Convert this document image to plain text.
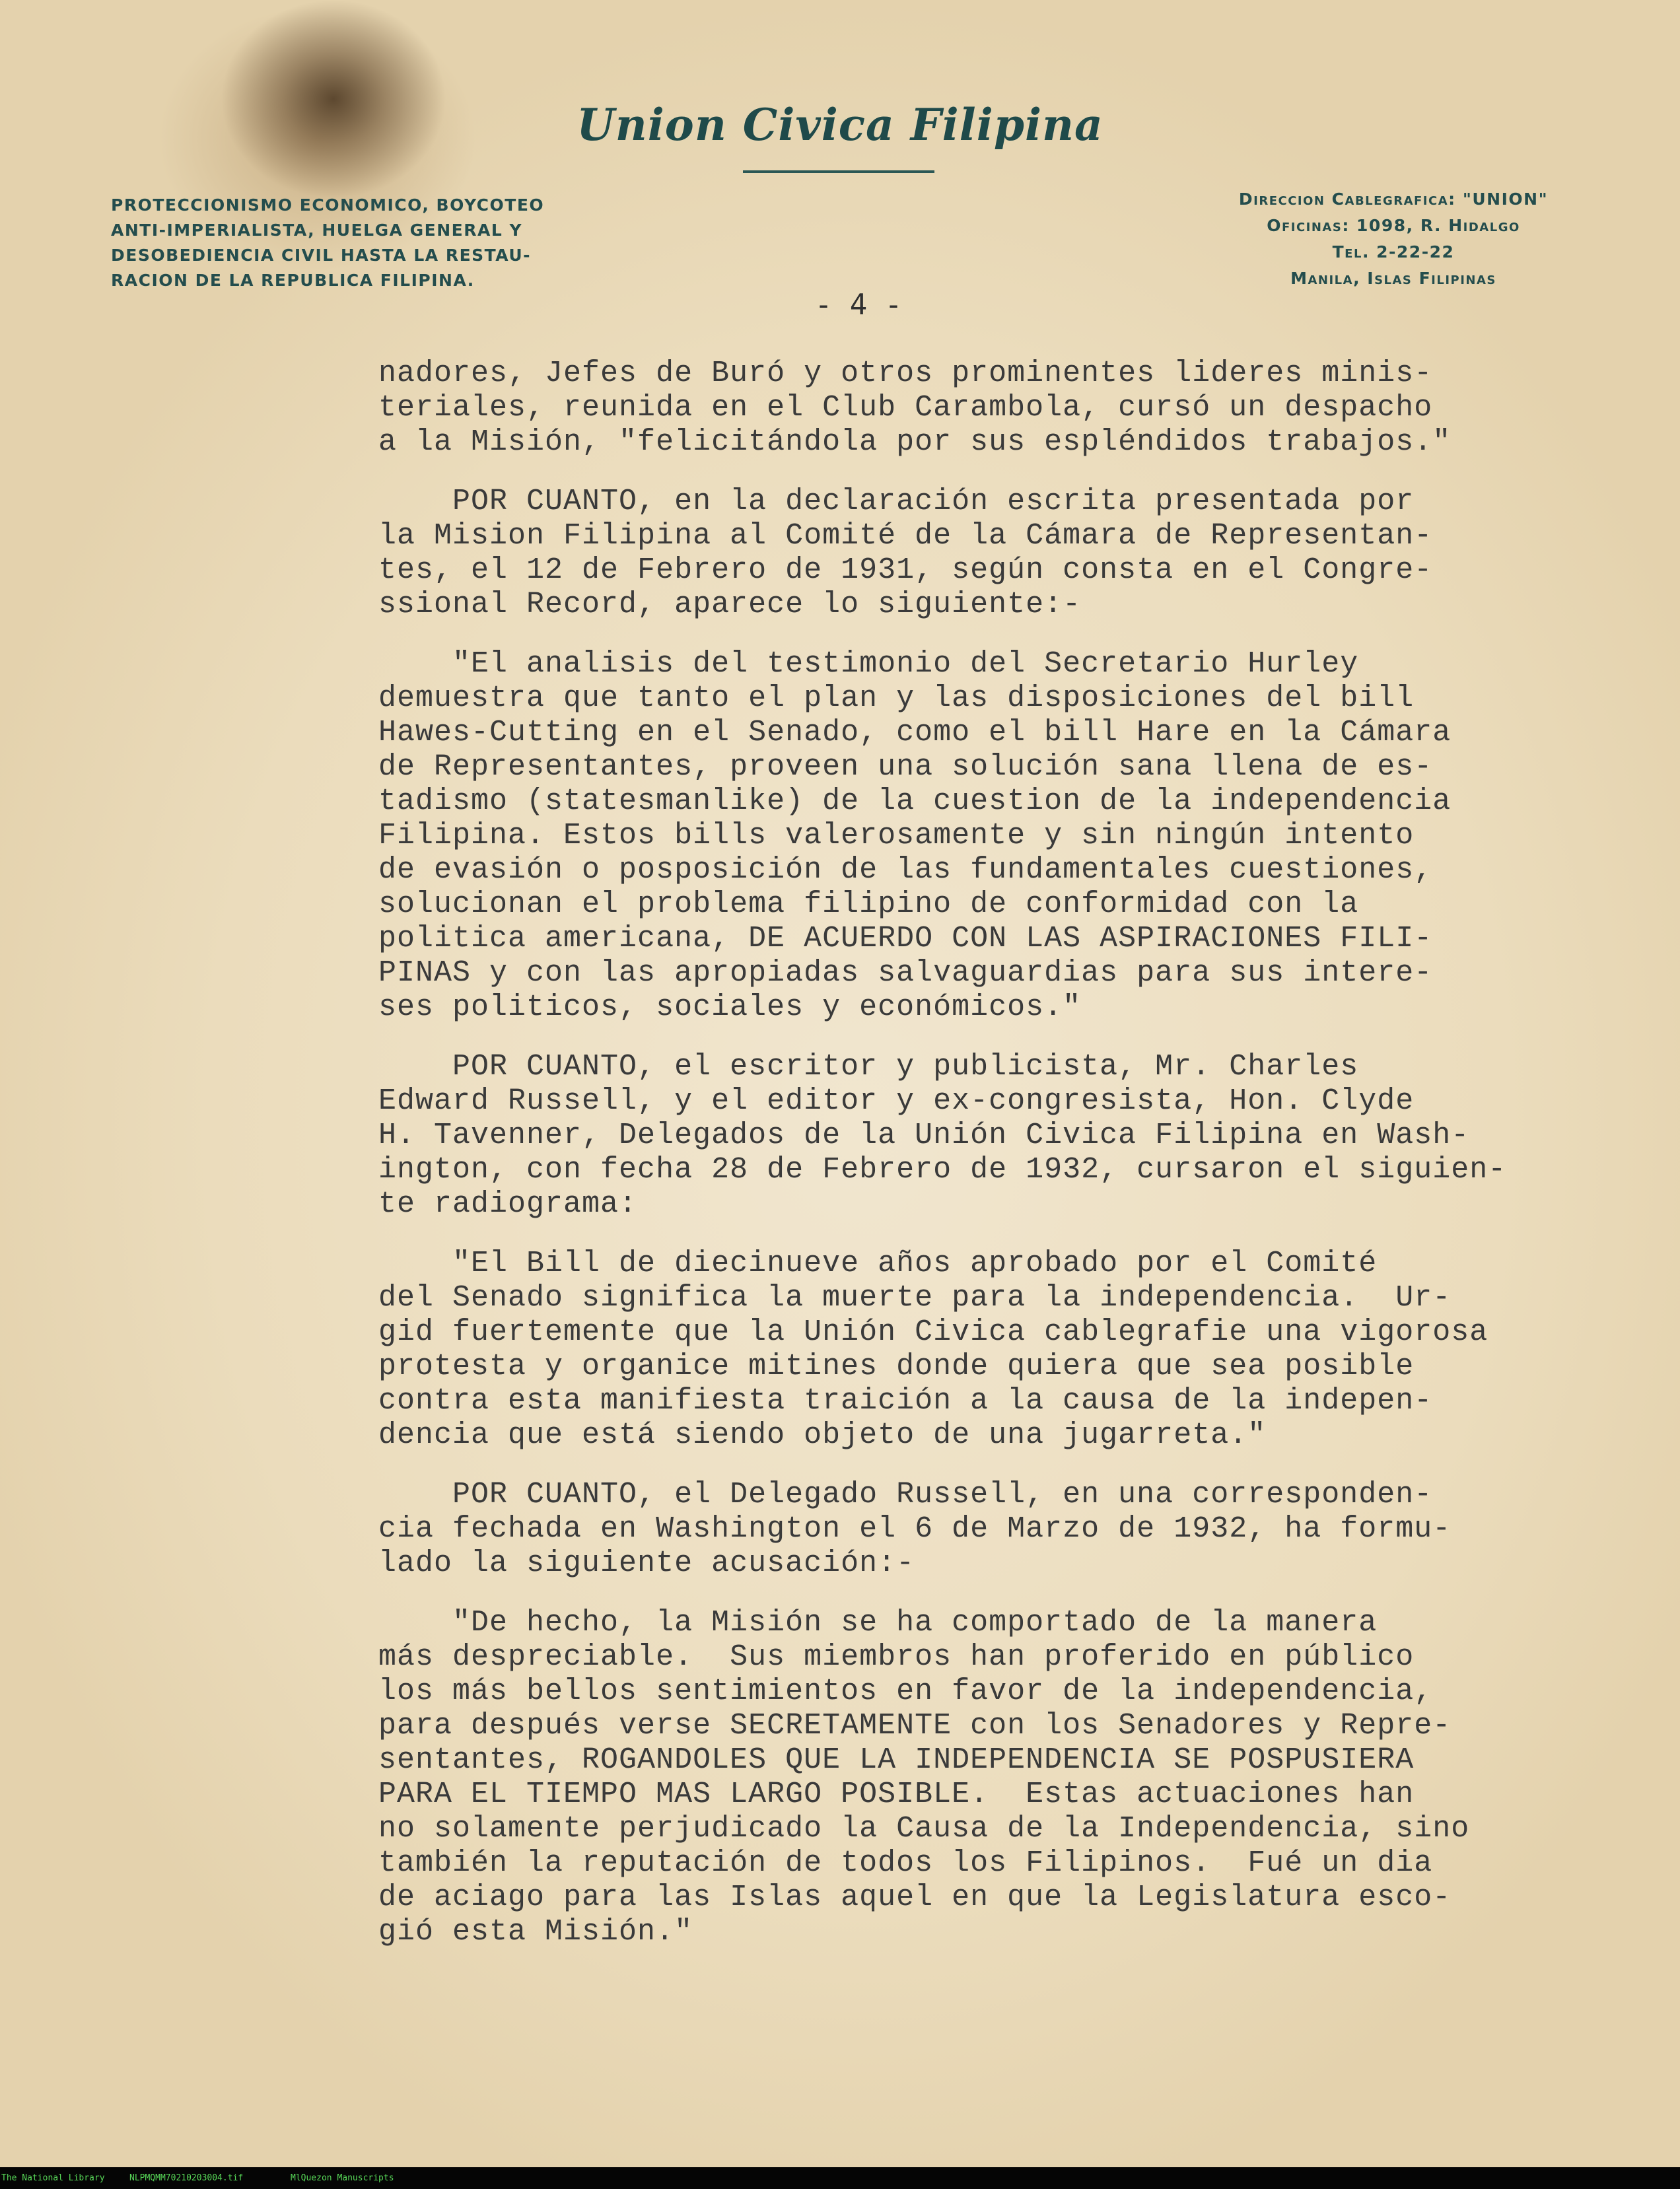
Union Civica Filipina
PROTECCIONISMO ECONOMICO, BOYCOTEO
ANTI-IMPERIALISTA, HUELGA GENERAL Y
DESOBEDIENCIA CIVIL HASTA LA RESTAU-
RACION DE LA REPUBLICA FILIPINA.
Direccion Cablegrafica: "UNION"
Oficinas: 1098, R. Hidalgo
Tel. 2-22-22
Manila, Islas Filipinas
- 4 -
nadores, Jefes de Buró y otros prominentes lideres minis-
teriales, reunida en el Club Carambola, cursó un despacho
a la Misión, "felicitándola por sus espléndidos trabajos."
POR CUANTO, en la declaración escrita presentada por
la Mision Filipina al Comité de la Cámara de Representan-
tes, el 12 de Febrero de 1931, según consta en el Congre-
ssional Record, aparece lo siguiente:-
"El analisis del testimonio del Secretario Hurley
demuestra que tanto el plan y las disposiciones del bill
Hawes-Cutting en el Senado, como el bill Hare en la Cámara
de Representantes, proveen una solución sana llena de es-
tadismo (statesmanlike) de la cuestion de la independencia
Filipina. Estos bills valerosamente y sin ningún intento
de evasión o posposición de las fundamentales cuestiones,
solucionan el problema filipino de conformidad con la
politica americana, DE ACUERDO CON LAS ASPIRACIONES FILI-
PINAS y con las apropiadas salvaguardias para sus intere-
ses politicos, sociales y económicos."
POR CUANTO, el escritor y publicista, Mr. Charles
Edward Russell, y el editor y ex-congresista, Hon. Clyde
H. Tavenner, Delegados de la Unión Civica Filipina en Wash-
ington, con fecha 28 de Febrero de 1932, cursaron el siguien-
te radiograma:
"El Bill de diecinueve años aprobado por el Comité
del Senado significa la muerte para la independencia.  Ur-
gid fuertemente que la Unión Civica cablegrafie una vigorosa
protesta y organice mitines donde quiera que sea posible
contra esta manifiesta traición a la causa de la indepen-
dencia que está siendo objeto de una jugarreta."
POR CUANTO, el Delegado Russell, en una corresponden-
cia fechada en Washington el 6 de Marzo de 1932, ha formu-
lado la siguiente acusación:-
"De hecho, la Misión se ha comportado de la manera
más despreciable.  Sus miembros han proferido en público
los más bellos sentimientos en favor de la independencia,
para después verse SECRETAMENTE con los Senadores y Repre-
sentantes, ROGANDOLES QUE LA INDEPENDENCIA SE POSPUSIERA
PARA EL TIEMPO MAS LARGO POSIBLE.  Estas actuaciones han
no solamente perjudicado la Causa de la Independencia, sino
también la reputación de todos los Filipinos.  Fué un dia
de aciago para las Islas aquel en que la Legislatura esco-
gió esta Misión."
The National Library	NLPMQMM70210203004.tif	MlQuezon Manuscripts
